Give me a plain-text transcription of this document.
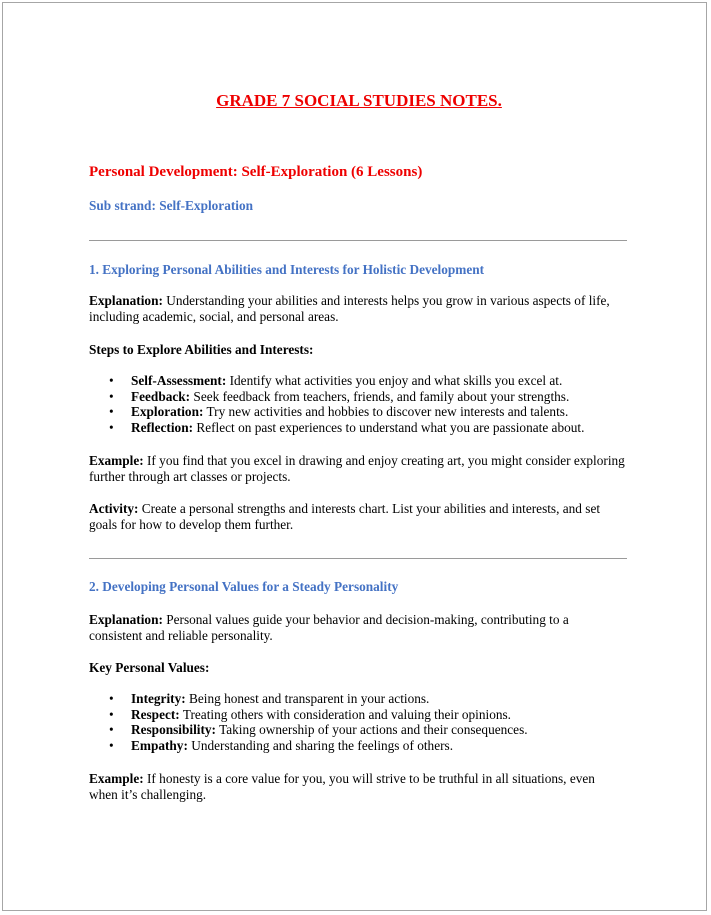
GRADE 7 SOCIAL STUDIES NOTES.
Personal Development: Self-Exploration (6 Lessons)
Sub strand: Self-Exploration
1. Exploring Personal Abilities and Interests for Holistic Development

Explanation: Understanding your abilities and interests helps you grow in various aspects of life, including academic, social, and personal areas.

Steps to Explore Abilities and Interests:

• Self-Assessment: Identify what activities you enjoy and what skills you excel at.
• Feedback: Seek feedback from teachers, friends, and family about your strengths.
• Exploration: Try new activities and hobbies to discover new interests and talents.
• Reflection: Reflect on past experiences to understand what you are passionate about.

Example: If you find that you excel in drawing and enjoy creating art, you might consider exploring further through art classes or projects.

Activity: Create a personal strengths and interests chart. List your abilities and interests, and set goals for how to develop them further.

2. Developing Personal Values for a Steady Personality

Explanation: Personal values guide your behavior and decision-making, contributing to a consistent and reliable personality.

Key Personal Values:

• Integrity: Being honest and transparent in your actions.
• Respect: Treating others with consideration and valuing their opinions.
• Responsibility: Taking ownership of your actions and their consequences.
• Empathy: Understanding and sharing the feelings of others.

Example: If honesty is a core value for you, you will strive to be truthful in all situations, even when it’s challenging.
